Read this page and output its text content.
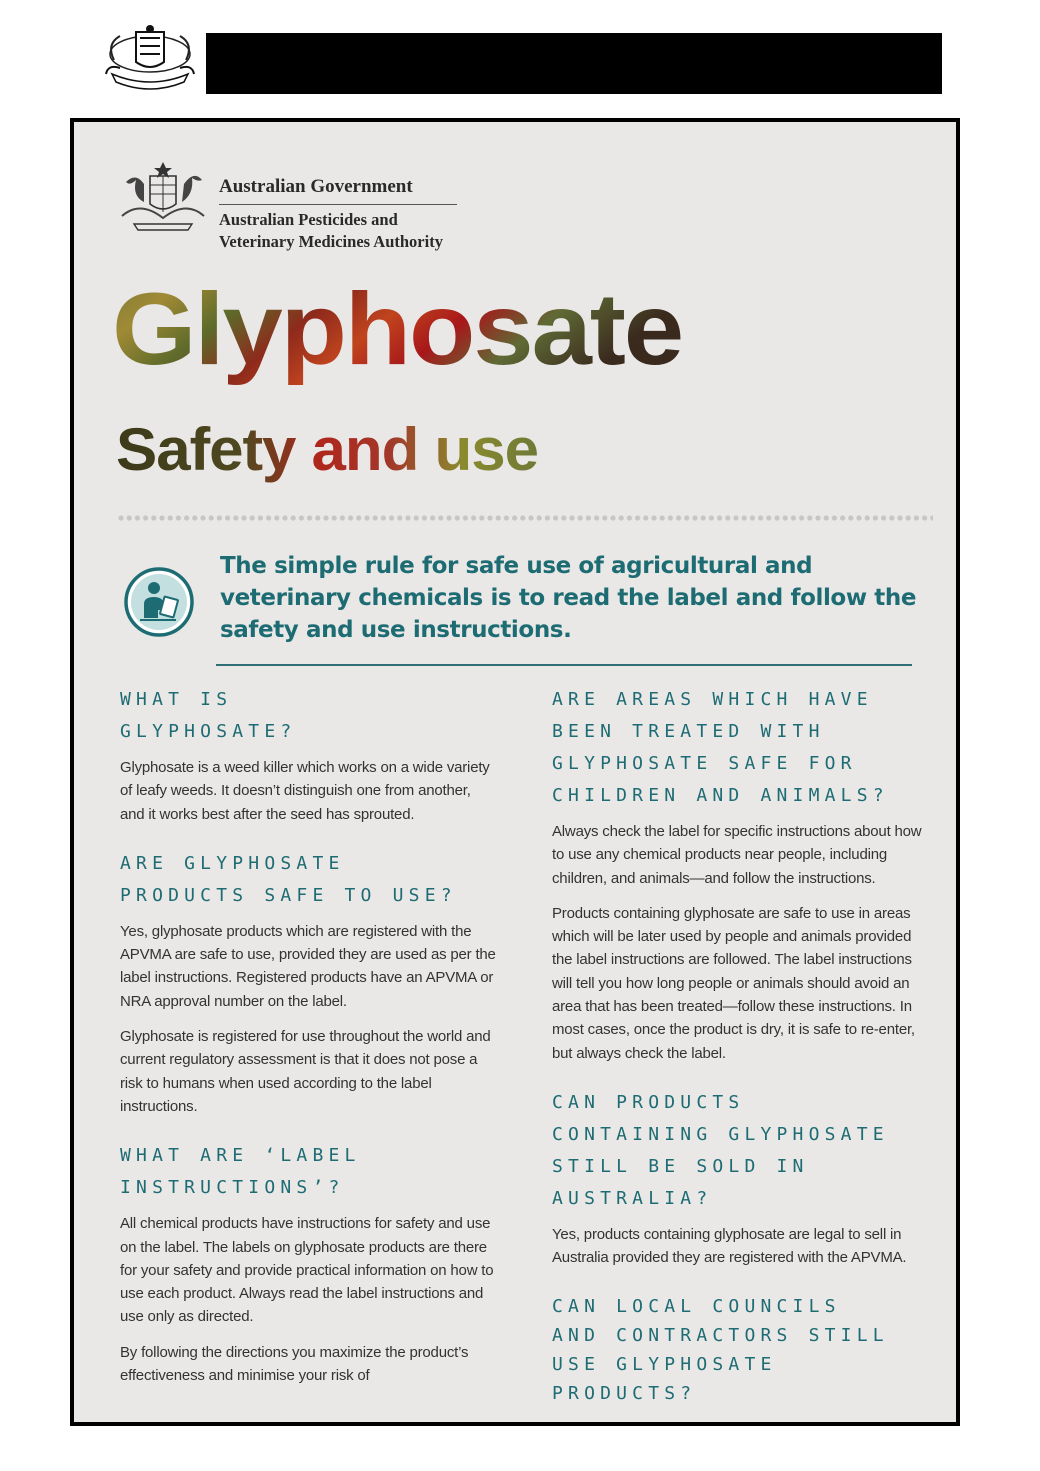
Australian Government
Australian Pesticides and
Veterinary Medicines Authority
Glyphosate
Safety and use
The simple rule for safe use of agricultural and veterinary chemicals is to read the label and follow the safety and use instructions.
WHAT IS GLYPHOSATE?

Glyphosate is a weed killer which works on a wide variety of leafy weeds. It doesn’t distinguish one from another, and it works best after the seed has sprouted.

ARE GLYPHOSATE PRODUCTS SAFE TO USE?

Yes, glyphosate products which are registered with the APVMA are safe to use, provided they are used as per the label instructions. Registered products have an APVMA or NRA approval number on the label.

Glyphosate is registered for use throughout the world and current regulatory assessment is that it does not pose a risk to humans when used according to the label instructions.

WHAT ARE ‘LABEL INSTRUCTIONS’?

All chemical products have instructions for safety and use on the label. The labels on glyphosate products are there for your safety and provide practical information on how to use each product. Always read the label instructions and use only as directed.

By following the directions you maximize the product’s effectiveness and minimise your risk of

ARE AREAS WHICH HAVE BEEN TREATED WITH GLYPHOSATE SAFE FOR CHILDREN AND ANIMALS?

Always check the label for specific instructions about how to use any chemical products near people, including children, and animals—and follow the instructions.

Products containing glyphosate are safe to use in areas which will be later used by people and animals provided the label instructions are followed. The label instructions will tell you how long people or animals should avoid an area that has been treated—follow these instructions. In most cases, once the product is dry, it is safe to re-enter, but always check the label.

CAN PRODUCTS CONTAINING GLYPHOSATE STILL BE SOLD IN AUSTRALIA?

Yes, products containing glyphosate are legal to sell in Australia provided they are registered with the APVMA.

CAN LOCAL COUNCILS AND CONTRACTORS STILL USE GLYPHOSATE PRODUCTS?
